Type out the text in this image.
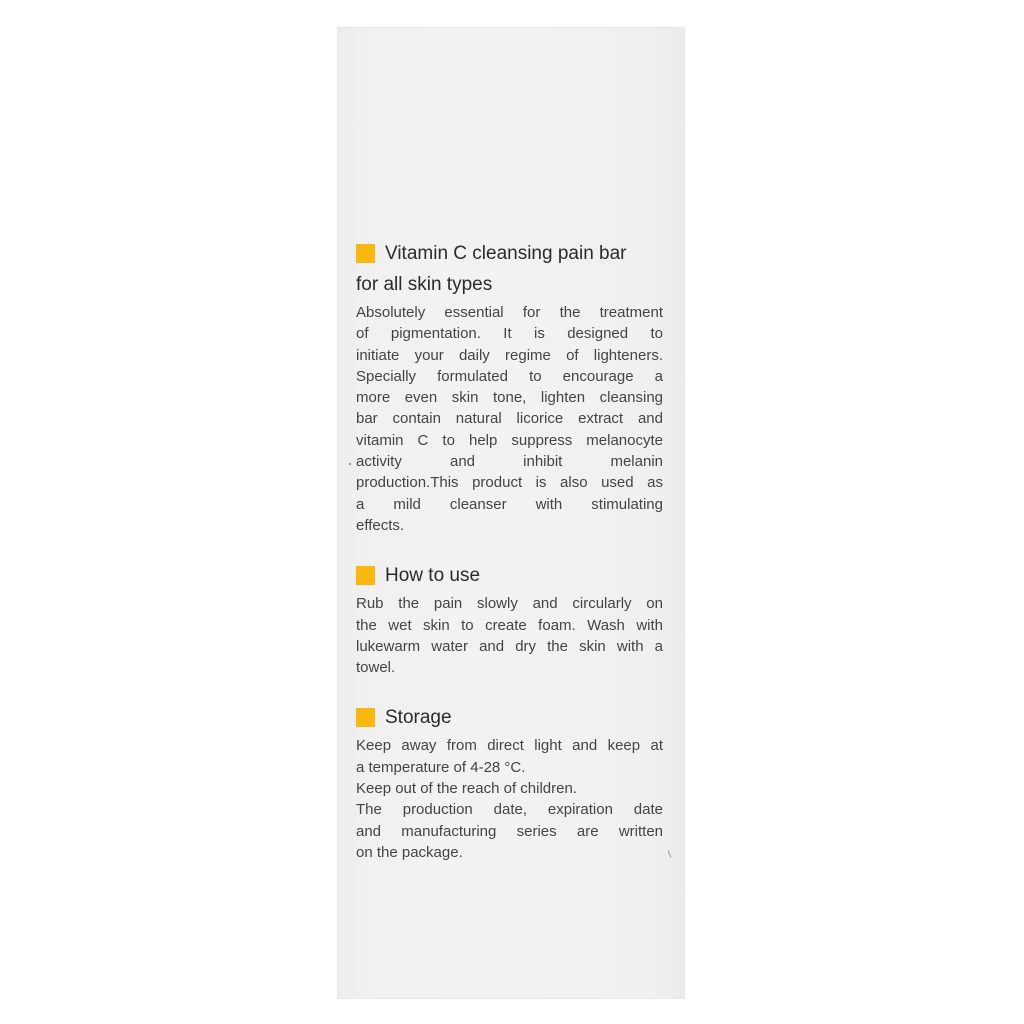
Vitamin C cleansing pain bar
for all skin types
Absolutely essential for the treatment
of pigmentation. It is designed to
initiate your daily regime of lighteners.
Specially formulated to encourage a
more even skin tone, lighten cleansing
bar contain natural licorice extract and
vitamin C to help suppress melanocyte
activity and inhibit melanin
production.This product is also used as
a mild cleanser with stimulating
effects.
How to use
Rub the pain slowly and circularly on
the wet skin to create foam. Wash with
lukewarm water and dry the skin with a
towel.
Storage
Keep away from direct light and keep at
a temperature of 4-28 °C.
Keep out of the reach of children.
The production date, expiration date
and manufacturing series are written
on the package.
